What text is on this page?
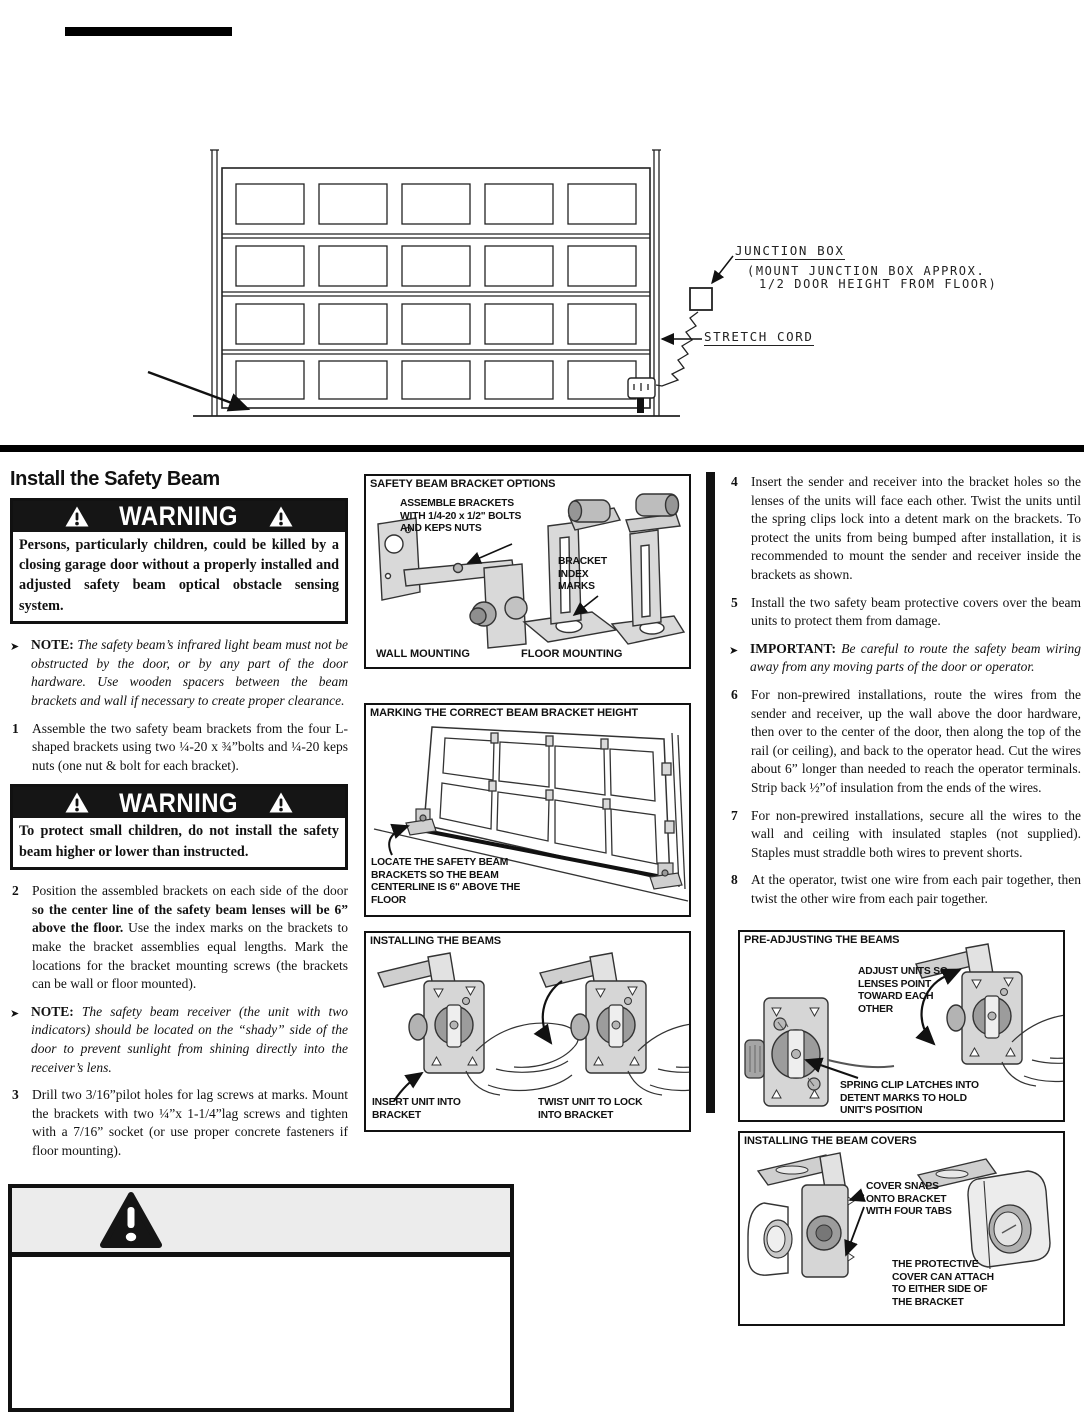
JUNCTION BOX
(MOUNT JUNCTION BOX APPROX.
1/2 DOOR HEIGHT FROM FLOOR)
STRETCH CORD
Install the Safety Beam
WARNING
Persons, particularly children, could be killed by a closing garage door without a properly installed and adjusted safety beam optical obstacle sensing system.

➤ NOTE: The safety beam’s infrared light beam must not be obstructed by the door, or by any part of the door hardware. Use wooden spacers between the beam brackets and wall if necessary to create proper clearance.

1 Assemble the two safety beam brackets from the four L-shaped brackets using two ¼-20 x ¾”bolts and ¼-20 keps nuts (one nut & bolt for each bracket).

WARNING
To protect small children, do not install the safety beam higher or lower than instructed.

2 Position the assembled brackets on each side of the door so the center line of the safety beam lenses will be 6” above the floor. Use the index marks on the brackets to make the bracket assemblies equal lengths. Mark the locations for the bracket mounting screws (the brackets can be wall or floor mounted).

➤ NOTE: The safety beam receiver (the unit with two indicators) should be located on the “shady” side of the door to prevent sunlight from shining directly into the receiver’s lens.

3 Drill two 3/16”pilot holes for lag screws at marks. Mount the brackets with two ¼”x 1-1/4”lag screws and tighten with a 7/16” socket (or use proper concrete fasteners if floor mounting).

4 Insert the sender and receiver into the bracket holes so the lenses of the units will face each other. Twist the units until the spring clips lock into a detent mark on the brackets. To protect the units from being bumped after installation, it is recommended to mount the sender and receiver inside the brackets as shown.

5 Install the two safety beam protective covers over the beam units to protect them from damage.

➤ IMPORTANT: Be careful to route the safety beam wiring away from any moving parts of the door or operator.

6 For non-prewired installations, route the wires from the sender and receiver, up the wall above the door hardware, then over to the center of the door, then along the top of the rail (or ceiling), and back to the operator head. Cut the wires about 6” longer than needed to reach the operator terminals. Strip back ½”of insulation from the ends of the wires.

7 For non-prewired installations, secure all the wires to the wall and ceiling with insulated staples (not supplied). Staples must straddle both wires to prevent shorts.

8 At the operator, twist one wire from each pair together, then twist the other wire from each pair together.

SAFETY BEAM BRACKET OPTIONS
ASSEMBLE BRACKETS WITH 1/4-20 x 1/2" BOLTS AND KEPS NUTS
BRACKET INDEX MARKS
WALL MOUNTING	FLOOR MOUNTING
MARKING THE CORRECT BEAM BRACKET HEIGHT
LOCATE THE SAFETY BEAM BRACKETS SO THE BEAM CENTERLINE IS 6" ABOVE THE FLOOR
INSTALLING THE BEAMS
INSERT UNIT INTO BRACKET
TWIST UNIT TO LOCK INTO BRACKET
PRE-ADJUSTING THE BEAMS
ADJUST UNITS SO LENSES POINT TOWARD EACH OTHER
SPRING CLIP LATCHES INTO DETENT MARKS TO HOLD UNIT'S POSITION
INSTALLING THE BEAM COVERS
COVER SNAPS ONTO BRACKET WITH FOUR TABS
THE PROTECTIVE COVER CAN ATTACH TO EITHER SIDE OF THE BRACKET
